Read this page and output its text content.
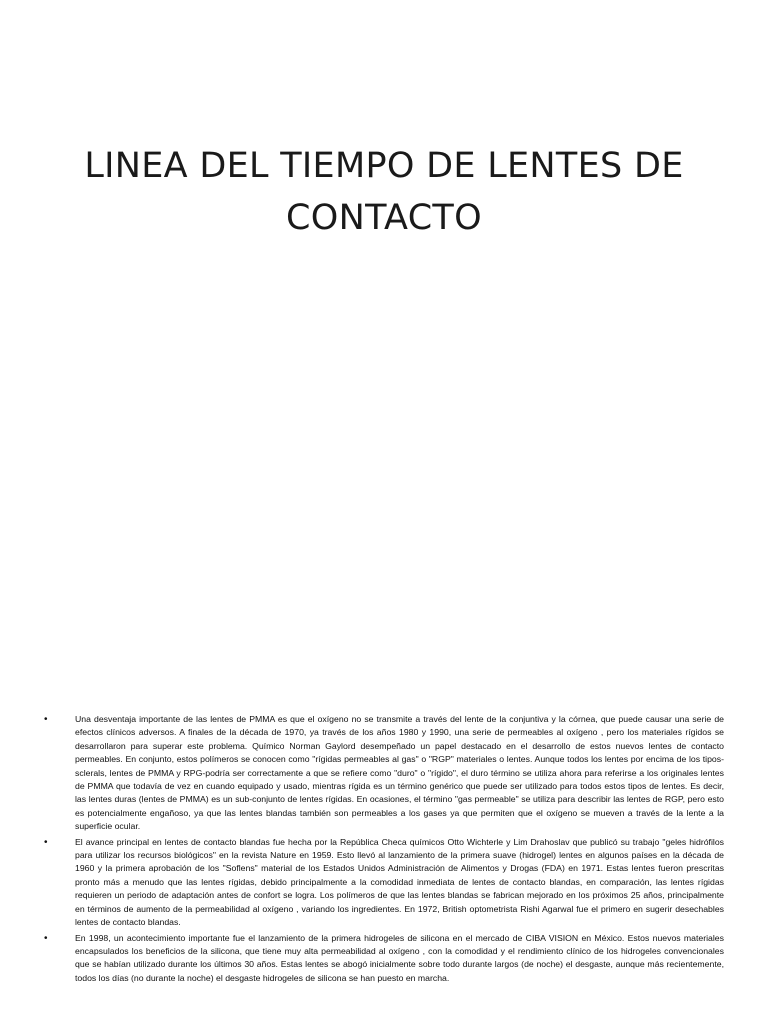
LINEA DEL TIEMPO DE LENTES DE CONTACTO
•	Una desventaja importante de las lentes de PMMA es que el oxígeno no se transmite a través del lente de la conjuntiva y la córnea, que puede causar una serie de efectos clínicos adversos. A finales de la década de 1970, ya través de los años 1980 y 1990, una serie de permeables al oxígeno , pero los materiales rígidos se desarrollaron para superar este problema. Químico Norman Gaylord desempeñado un papel destacado en el desarrollo de estos nuevos lentes de contacto permeables. En conjunto, estos polímeros se conocen como "rígidas permeables al gas" o "RGP" materiales o lentes. Aunque todos los lentes por encima de los tipos-sclerals, lentes de PMMA y RPG-podría ser correctamente a que se refiere como "duro" o "rígido", el duro término se utiliza ahora para referirse a los originales lentes de PMMA que todavía de vez en cuando equipado y usado, mientras rígida es un término genérico que puede ser utilizado para todos estos tipos de lentes. Es decir, las lentes duras (lentes de PMMA) es un sub-conjunto de lentes rígidas. En ocasiones, el término "gas permeable" se utiliza para describir las lentes de RGP, pero esto es potencialmente engañoso, ya que las lentes blandas también son permeables a los gases ya que permiten que el oxígeno se mueven a través de la lente a la superficie ocular.
•	El avance principal en lentes de contacto blandas fue hecha por la República Checa químicos Otto Wichterle y Lim Drahoslav que publicó su trabajo "geles hidrófilos para utilizar los recursos biológicos" en la revista Nature en 1959. Esto llevó al lanzamiento de la primera suave (hidrogel) lentes en algunos países en la década de 1960 y la primera aprobación de los "Soflens" material de los Estados Unidos Administración de Alimentos y Drogas (FDA) en 1971. Estas lentes fueron prescritas pronto más a menudo que las lentes rígidas, debido principalmente a la comodidad inmediata de lentes de contacto blandas, en comparación, las lentes rígidas requieren un periodo de adaptación antes de confort se logra. Los polímeros de que las lentes blandas se fabrican mejorado en los próximos 25 años, principalmente en términos de aumento de la permeabilidad al oxígeno , variando los ingredientes. En 1972, British optometrista Rishi Agarwal fue el primero en sugerir desechables lentes de contacto blandas.
•	En 1998, un acontecimiento importante fue el lanzamiento de la primera hidrogeles de silicona en el mercado de CIBA VISION en México. Estos nuevos materiales encapsulados los beneficios de la silicona, que tiene muy alta permeabilidad al oxígeno , con la comodidad y el rendimiento clínico de los hidrogeles convencionales que se habían utilizado durante los últimos 30 años. Estas lentes se abogó inicialmente sobre todo durante largos (de noche) el desgaste, aunque más recientemente, todos los días (no durante la noche) el desgaste hidrogeles de silicona se han puesto en marcha.
